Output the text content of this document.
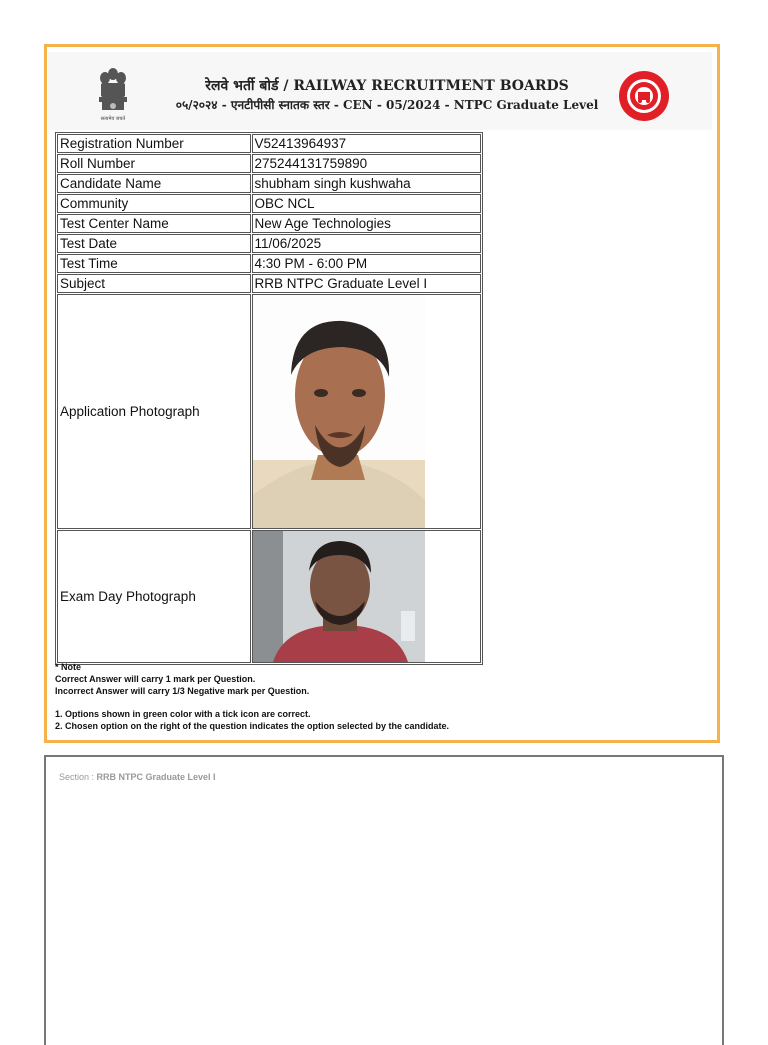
सत्यमेव जयते
रेलवे भर्ती बोर्ड / RAILWAY RECRUITMENT BOARDS
०५/२०२४ - एनटीपीसी स्नातक स्तर - CEN - 05/2024 - NTPC Graduate Level
Registration Number	V52413964937
Roll Number	275244131759890
Candidate Name	shubham singh kushwaha
Community	OBC NCL
Test Center Name	New Age Technologies
Test Date	11/06/2025
Test Time	4:30 PM - 6:00 PM
Subject	RRB NTPC Graduate Level I
Application Photograph	

Exam Day Photograph	
* Note
Correct Answer will carry 1 mark per Question.
Incorrect Answer will carry 1/3 Negative mark per Question.
1. Options shown in green color with a tick icon are correct.
2. Chosen option on the right of the question indicates the option selected by the candidate.
Section : RRB NTPC Graduate Level I
